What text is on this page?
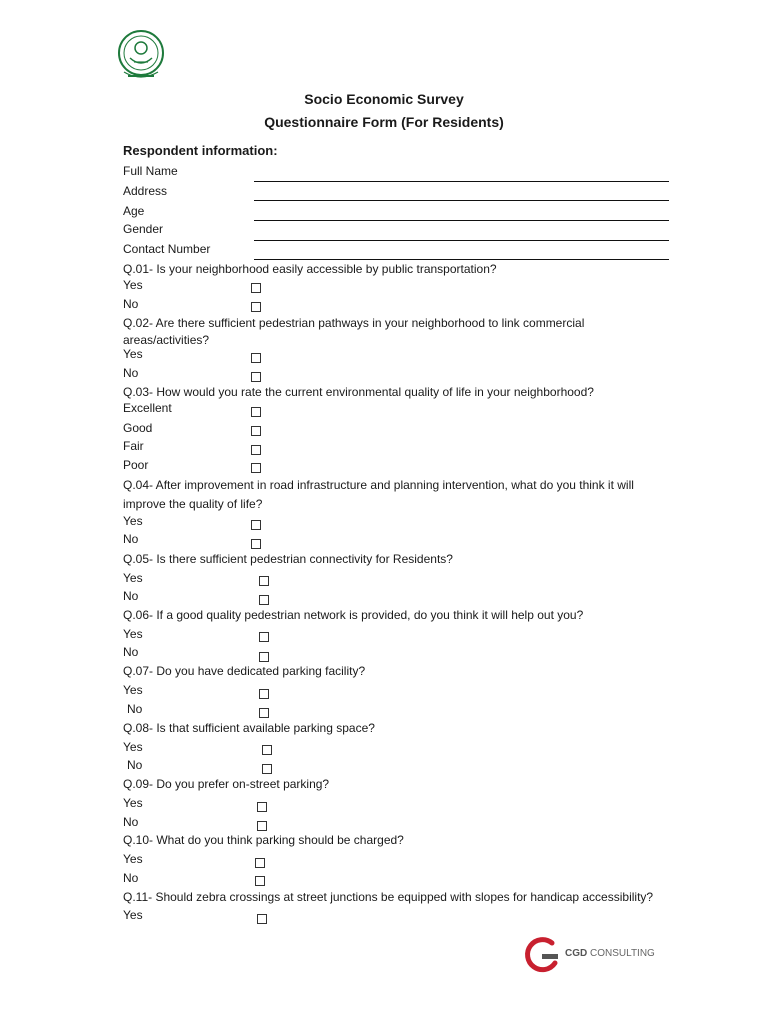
Socio Economic Survey
Questionnaire Form (For Residents)
Respondent information:
Full Name
Address
Age
Gender
Contact Number
Q.01- Is your neighborhood easily accessible by public transportation?
Yes
No
Q.02- Are there sufficient pedestrian pathways in your neighborhood to link commercial areas/activities?
Yes
No
Q.03- How would you rate the current environmental quality of life in your neighborhood?
Excellent
Good
Fair
Poor
Q.04- After improvement in road infrastructure and planning intervention, what do you think it will improve the quality of life?
Yes
No
Q.05- Is there sufficient pedestrian connectivity for Residents?
Yes
No
Q.06- If a good quality pedestrian network is provided, do you think it will help out you?
Yes
No
Q.07- Do you have dedicated parking facility?
Yes
No
Q.08- Is that sufficient available parking space?
Yes
No
Q.09- Do you prefer on-street parking?
Yes
No
Q.10- What do you think parking should be charged?
Yes
No
Q.11- Should zebra crossings at street junctions be equipped with slopes for handicap accessibility?
Yes
CGD CONSULTING
